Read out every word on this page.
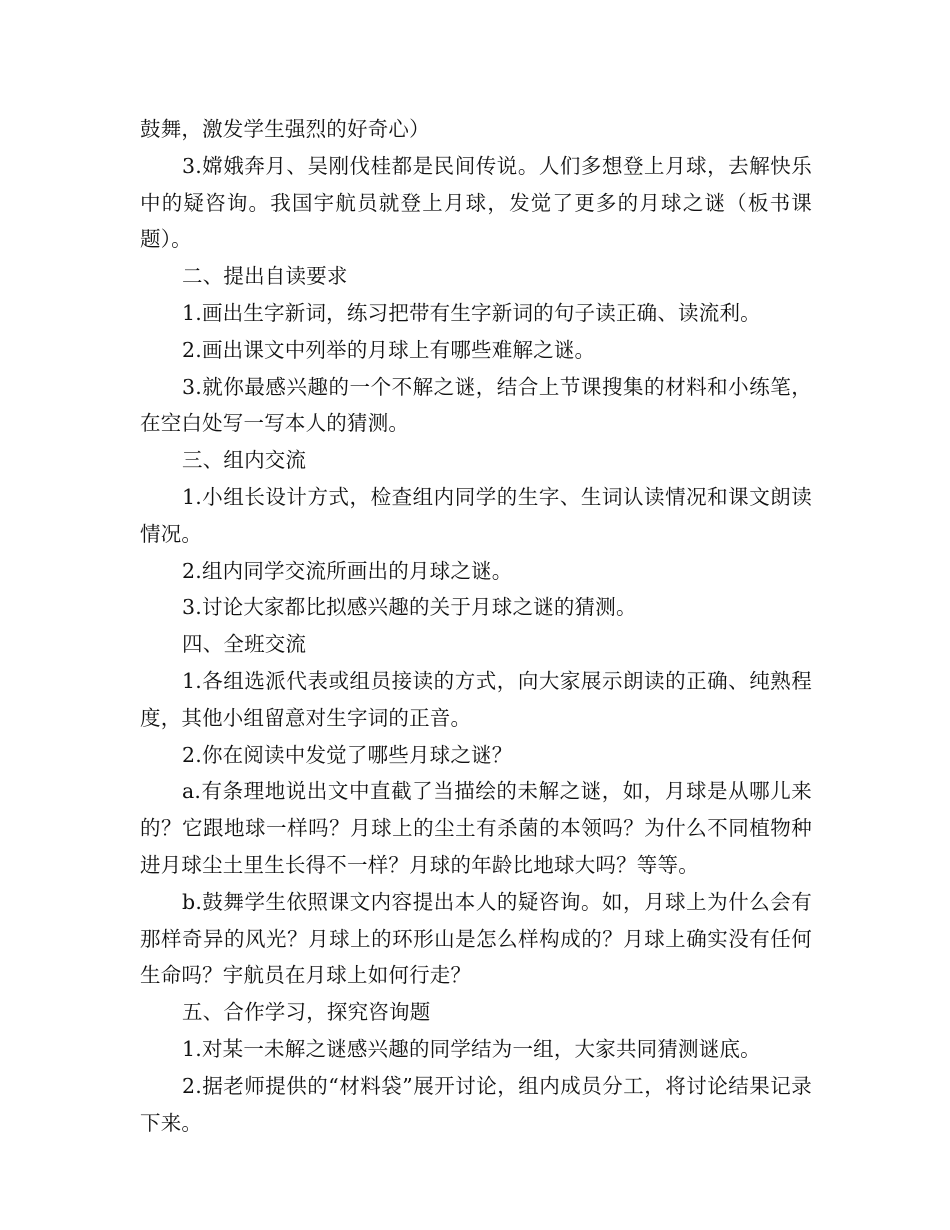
鼓舞，激发学生强烈的好奇心）

3.嫦娥奔月、吴刚伐桂都是民间传说。人们多想登上月球，去解快乐中的疑咨询。我国宇航员就登上月球，发觉了更多的月球之谜（板书课题）。

二、提出自读要求

1.画出生字新词，练习把带有生字新词的句子读正确、读流利。

2.画出课文中列举的月球上有哪些难解之谜。

3.就你最感兴趣的一个不解之谜，结合上节课搜集的材料和小练笔，在空白处写一写本人的猜测。

三、组内交流

1.小组长设计方式，检查组内同学的生字、生词认读情况和课文朗读情况。

2.组内同学交流所画出的月球之谜。

3.讨论大家都比拟感兴趣的关于月球之谜的猜测。

四、全班交流

1.各组选派代表或组员接读的方式，向大家展示朗读的正确、纯熟程度，其他小组留意对生字词的正音。

2.你在阅读中发觉了哪些月球之谜？

a.有条理地说出文中直截了当描绘的未解之谜，如，月球是从哪儿来的？它跟地球一样吗？月球上的尘土有杀菌的本领吗？为什么不同植物种进月球尘土里生长得不一样？月球的年龄比地球大吗？等等。

b.鼓舞学生依照课文内容提出本人的疑咨询。如，月球上为什么会有那样奇异的风光？月球上的环形山是怎么样构成的？月球上确实没有任何生命吗？宇航员在月球上如何行走？

五、合作学习，探究咨询题

1.对某一未解之谜感兴趣的同学结为一组，大家共同猜测谜底。

2.据老师提供的“材料袋”展开讨论，组内成员分工，将讨论结果记录下来。
